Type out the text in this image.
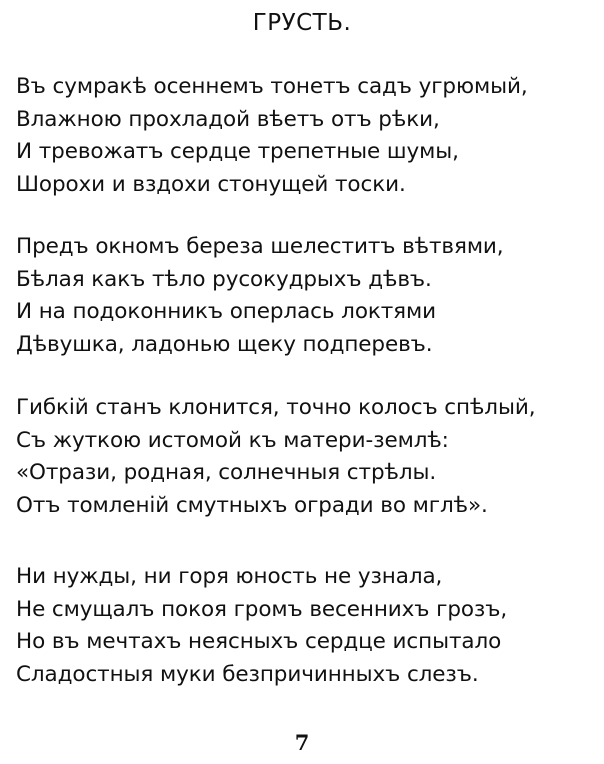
ГРУСТЬ.
Въ сумракѣ осеннемъ тонетъ садъ угрюмый,
Влажною прохладой вѣетъ отъ рѣки,
И тревожатъ сердце трепетные шумы,
Шорохи и вздохи стонущей тоски.
Предъ окномъ береза шелеститъ вѣтвями,
Бѣлая какъ тѣло русокудрыхъ дѣвъ.
И на подоконникъ оперлась локтями
Дѣвушка, ладонью щеку подперевъ.
Гибкій станъ клонится, точно колосъ спѣлый,
Съ жуткою истомой къ матери-землѣ:
«Отрази, родная, солнечныя стрѣлы.
Отъ томленій смутныхъ огради во мглѣ».
Ни нужды, ни горя юность не узнала,
Не смущалъ покоя громъ весеннихъ грозъ,
Но въ мечтахъ неясныхъ сердце испытало
Сладостныя муки безпричинныхъ слезъ.
7
